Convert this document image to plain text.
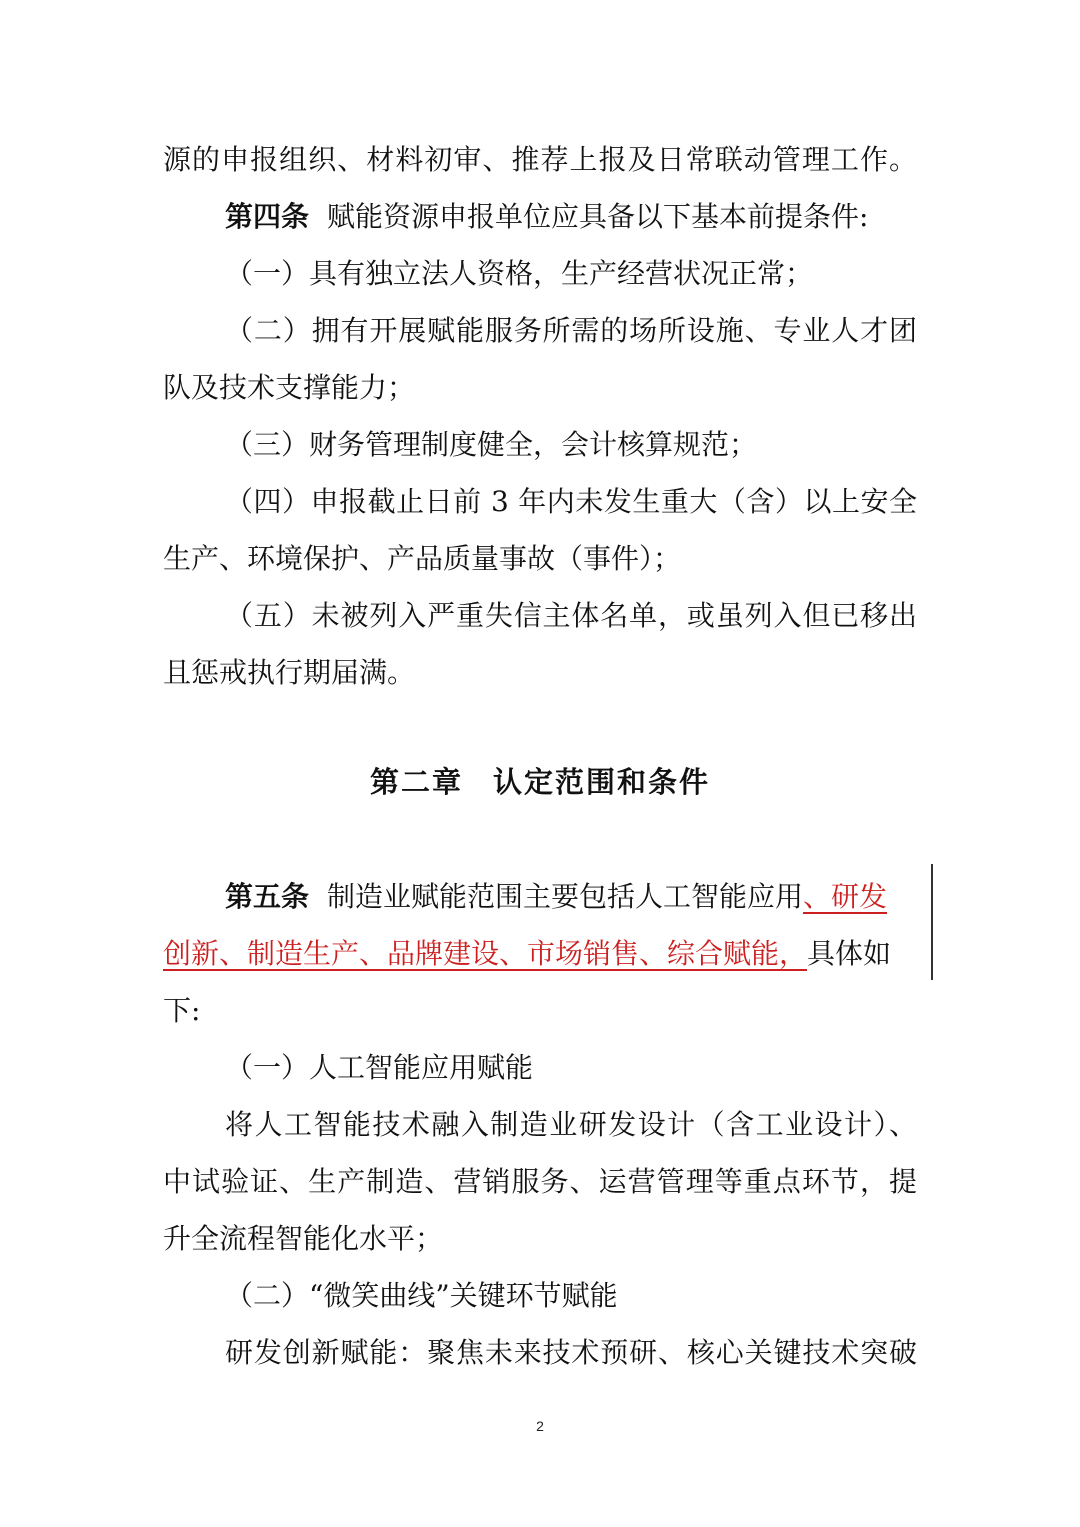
源的申报组织、材料初审、推荐上报及日常联动管理工作。
第四条 赋能资源申报单位应具备以下基本前提条件:
（一）具有独立法人资格，生产经营状况正常；
（二）拥有开展赋能服务所需的场所设施、专业人才团
队及技术支撑能力；
（三）财务管理制度健全，会计核算规范；
（四）申报截止日前 3 年内未发生重大（含）以上安全
生产、环境保护、产品质量事故（事件）；
（五）未被列入严重失信主体名单，或虽列入但已移出
且惩戒执行期届满。
第二章 认定范围和条件
第五条 制造业赋能范围主要包括人工智能应用、研发
创新、制造生产、品牌建设、市场销售、综合赋能，具体如
下:
（一）人工智能应用赋能
将人工智能技术融入制造业研发设计（含工业设计）、
中试验证、生产制造、营销服务、运营管理等重点环节，提
升全流程智能化水平；
（二）“微笑曲线”关键环节赋能
研发创新赋能：聚焦未来技术预研、核心关键技术突破
2
